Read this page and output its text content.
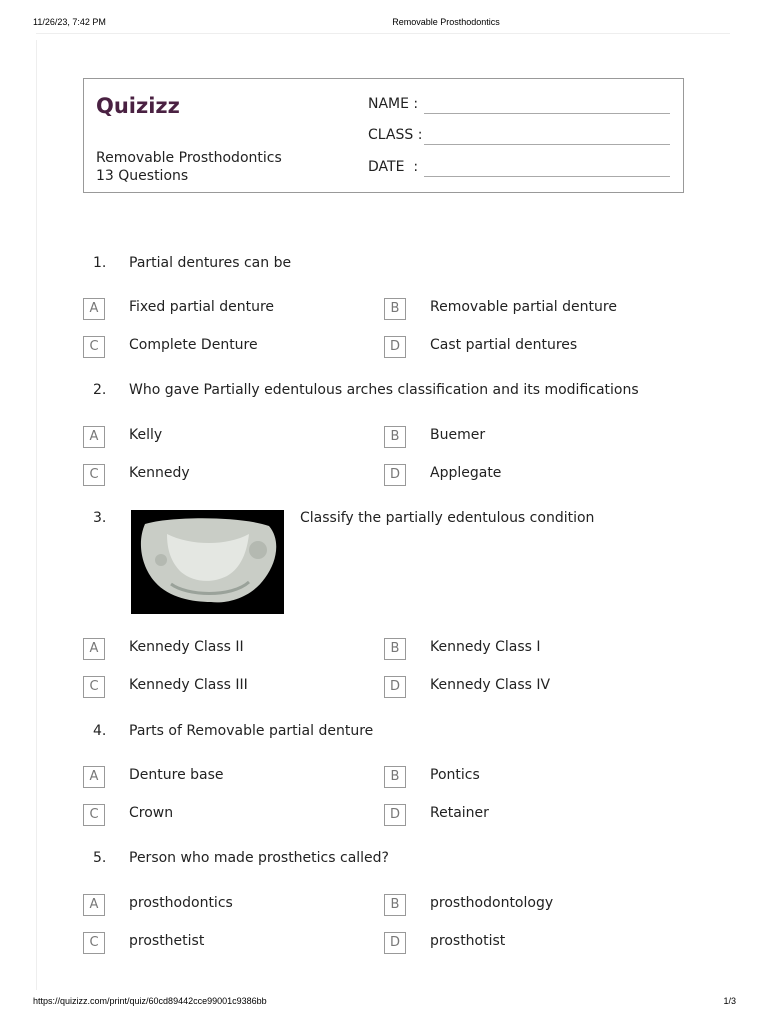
11/26/23, 7:42 PM	Removable Prosthodontics
Quizizz
Removable Prosthodontics
13 Questions
NAME :
CLASS :
DATE  :
1. Partial dentures can be
A	Fixed partial denture	B	Removable partial denture
C	Complete Denture	D	Cast partial dentures
2. Who gave Partially edentulous arches classification and its modifications
A	Kelly	B	Buemer
C	Kennedy	D	Applegate
3.	Classify the partially edentulous condition
A	Kennedy Class II	B	Kennedy Class I
C	Kennedy Class III	D	Kennedy Class IV
4. Parts of Removable partial denture
A	Denture base	B	Pontics
C	Crown	D	Retainer
5. Person who made prosthetics called?
A	prosthodontics	B	prosthodontology
C	prosthetist	D	prosthotist
https://quizizz.com/print/quiz/60cd89442cce99001c9386bb	1/3
